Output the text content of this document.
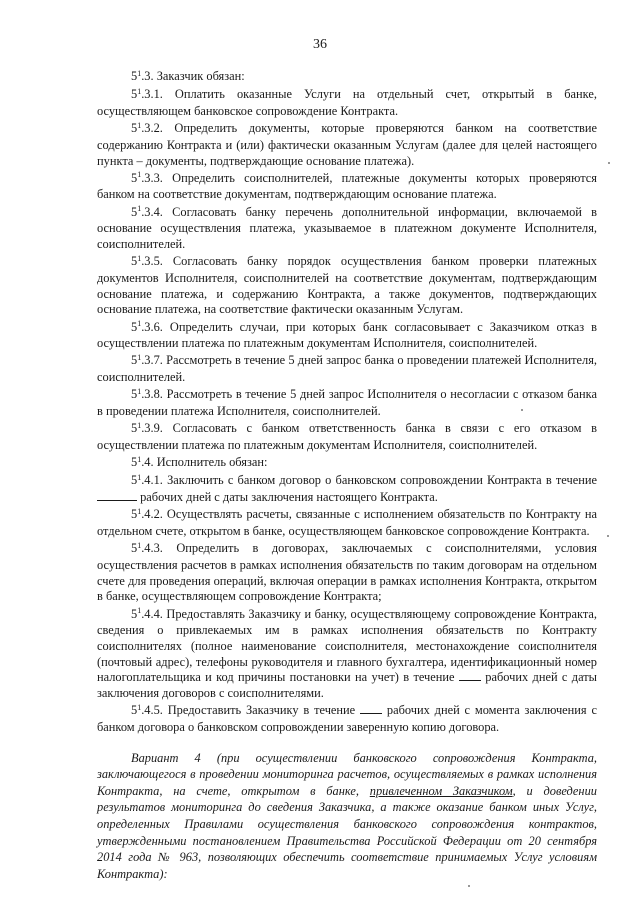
36

$5^1.3$. Заказчик обязан:

$5^1.3.1$. Оплатить оказанные Услуги на отдельный счет, открытый в банке, осуществляющем банковское сопровождение Контракта.

$5^1.3.2$. Определить документы, которые проверяются банком на соответствие содержанию Контракта и (или) фактически оказанным Услугам (далее для целей настоящего пункта – документы, подтверждающие основание платежа).

$5^1.3.3$. Определить соисполнителей, платежные документы которых проверяются банком на соответствие документам, подтверждающим основание платежа.

$5^1.3.4$. Согласовать банку перечень дополнительной информации, включаемой в основание осуществления платежа, указываемое в платежном документе Исполнителя, соисполнителей.

$5^1.3.5$. Согласовать банку порядок осуществления банком проверки платежных документов Исполнителя, соисполнителей на соответствие документам, подтверждающим основание платежа, и содержанию Контракта, а также документов, подтверждающих основание платежа, на соответствие фактически оказанным Услугам.

$5^1.3.6$. Определить случаи, при которых банк согласовывает с Заказчиком отказ в осуществлении платежа по платежным документам Исполнителя, соисполнителей.

$5^1.3.7$. Рассмотреть в течение 5 дней запрос банка о проведении платежей Исполнителя, соисполнителей.

$5^1.3.8$. Рассмотреть в течение 5 дней запрос Исполнителя о несогласии с отказом банка в проведении платежа Исполнителя, соисполнителей.

$5^1.3.9$. Согласовать с банком ответственность банка в связи с его отказом в осуществлении платежа по платежным документам Исполнителя, соисполнителей.

$5^1.4$. Исполнитель обязан:

$5^1.4.1$. Заключить с банком договор о банковском сопровождении Контракта в течение  рабочих дней с даты заключения настоящего Контракта.

$5^1.4.2$. Осуществлять расчеты, связанные с исполнением обязательств по Контракту на отдельном счете, открытом в банке, осуществляющем банковское сопровождение Контракта.

$5^1.4.3$. Определить в договорах, заключаемых с соисполнителями, условия осуществления расчетов в рамках исполнения обязательств по таким договорам на отдельном счете для проведения операций, включая операции в рамках исполнения Контракта, открытом в банке, осуществляющем сопровождение Контракта;

$5^1.4.4$. Предоставлять Заказчику и банку, осуществляющему сопровождение Контракта, сведения о привлекаемых им в рамках исполнения обязательств по Контракту соисполнителях (полное наименование соисполнителя, местонахождение соисполнителя (почтовый адрес), телефоны руководителя и главного бухгалтера, идентификационный номер налогоплательщика и код причины постановки на учет) в течение рабочих дней с даты заключения договоров с соисполнителями.

$5^1.4.5$. Предоставить Заказчику в течение	рабочих дней с момента заключения с банком договора о банковском сопровождении заверенную копию договора.

Вариант 4 (при осуществлении банковского сопровождения Контракта, заключающегося в проведении мониторинга расчетов, осуществляемых в рамках исполнения Контракта, на счете, открытом в банке, привлеченном Заказчиком, и доведении результатов мониторинга до сведения Заказчика, а также оказание банком иных Услуг, определенных Правилами осуществления банковского сопровождения контрактов, утвержденными постановлением Правительства Российской Федерации от 20 сентября 2014 года № 963, позволяющих обеспечить соответствие принимаемых Услуг условиям Контракта):
